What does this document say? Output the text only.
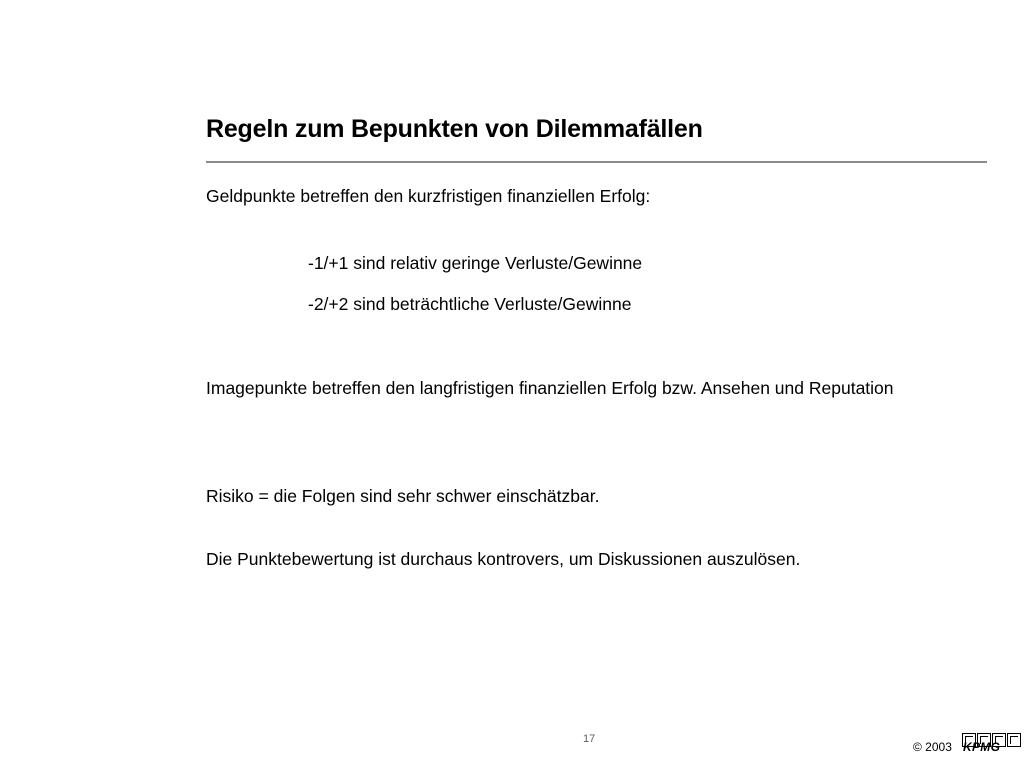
Regeln zum Bepunkten von Dilemmafällen
Geldpunkte betreffen den kurzfristigen finanziellen Erfolg:
-1/+1 sind relativ geringe Verluste/Gewinne
-2/+2 sind beträchtliche Verluste/Gewinne
Imagepunkte betreffen den langfristigen finanziellen Erfolg bzw. Ansehen und Reputation
Risiko = die Folgen sind sehr schwer einschätzbar.
Die Punktebewertung ist durchaus kontrovers, um Diskussionen auszulösen.
17
© 2003 KPMG
